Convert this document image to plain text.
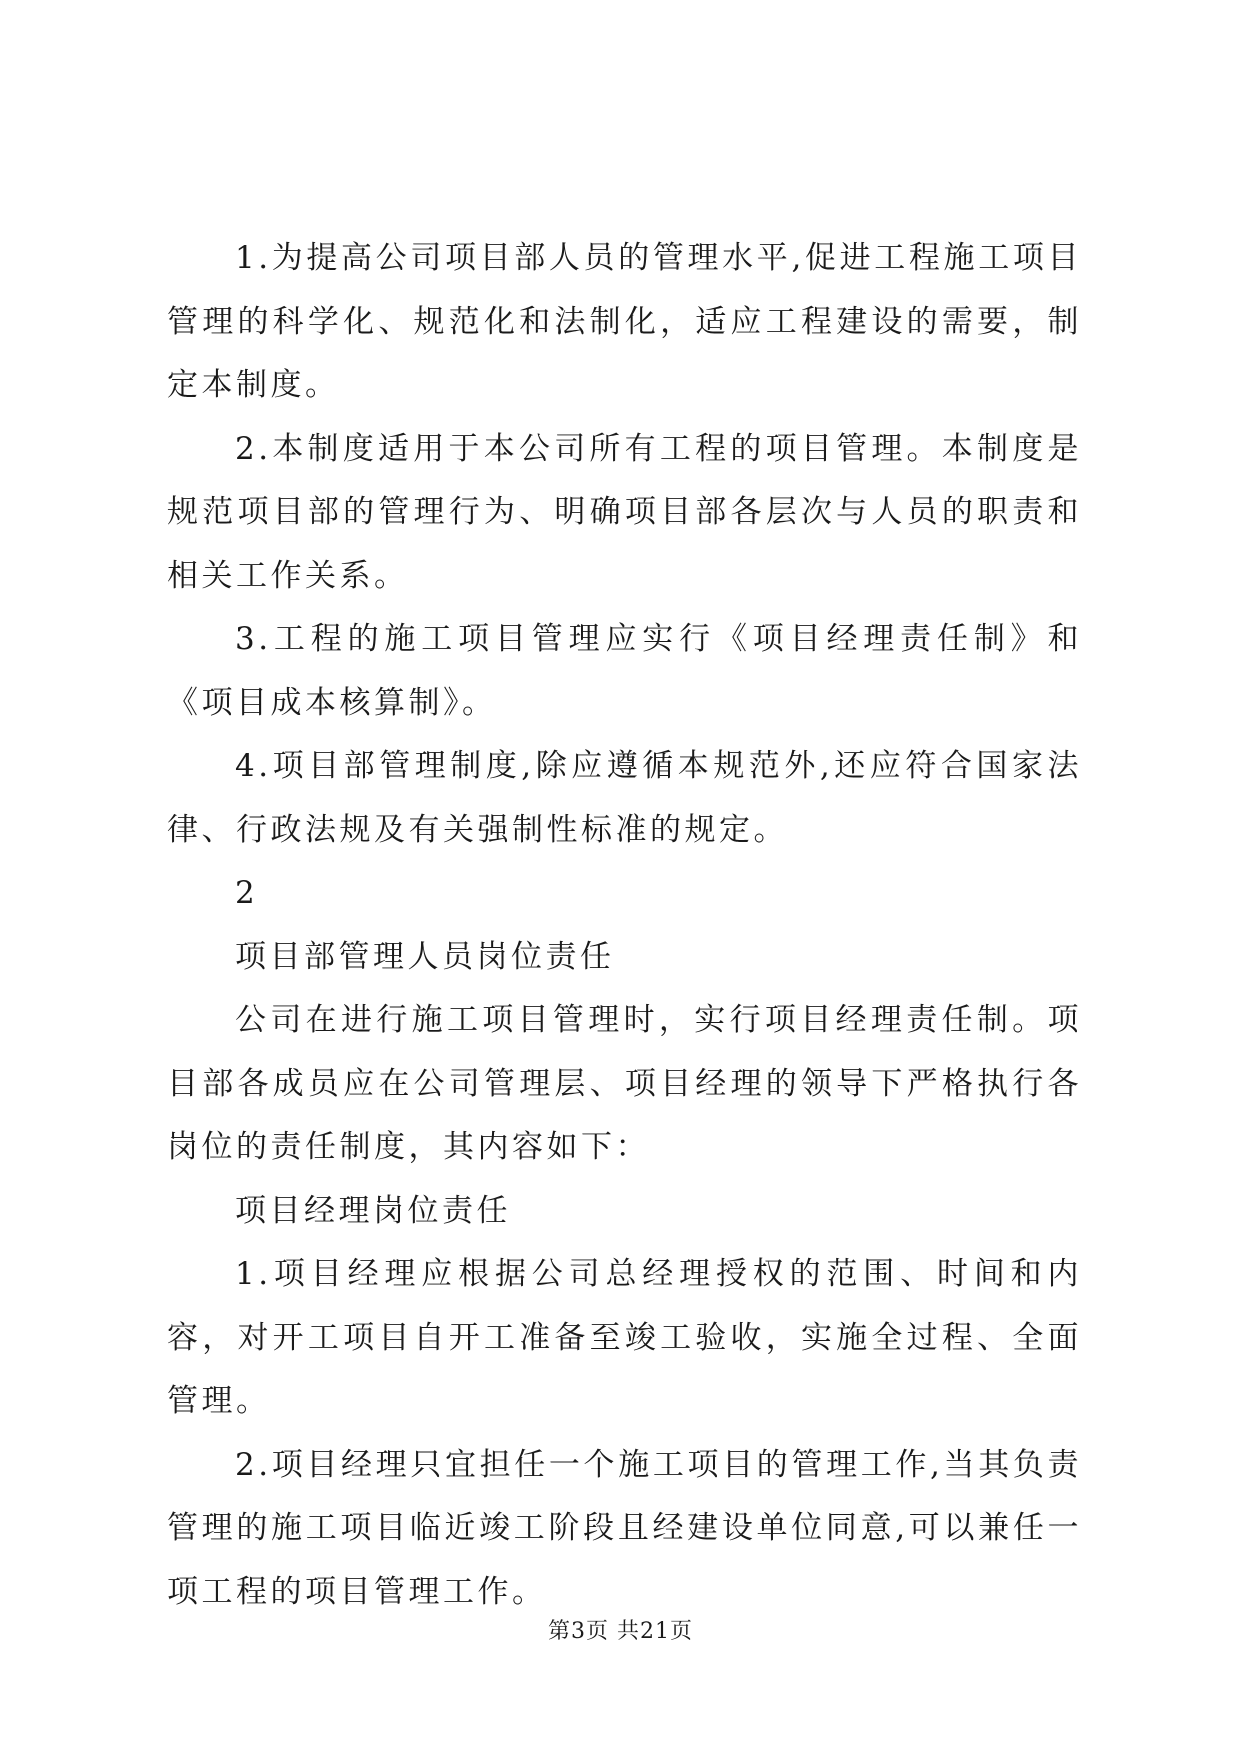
1.为提高公司项目部人员的管理水平,促进工程施工项目管理的科学化、规范化和法制化，适应工程建设的需要，制定本制度。

2.本制度适用于本公司所有工程的项目管理。本制度是规范项目部的管理行为、明确项目部各层次与人员的职责和相关工作关系。

3.工程的施工项目管理应实行《项目经理责任制》和《项目成本核算制》。

4.项目部管理制度,除应遵循本规范外,还应符合国家法律、行政法规及有关强制性标准的规定。

2

项目部管理人员岗位责任

公司在进行施工项目管理时，实行项目经理责任制。项目部各成员应在公司管理层、项目经理的领导下严格执行各岗位的责任制度，其内容如下：

项目经理岗位责任

1.项目经理应根据公司总经理授权的范围、时间和内容，对开工项目自开工准备至竣工验收，实施全过程、全面管理。

2.项目经理只宜担任一个施工项目的管理工作,当其负责管理的施工项目临近竣工阶段且经建设单位同意,可以兼任一项工程的项目管理工作。

第3页 共21页
